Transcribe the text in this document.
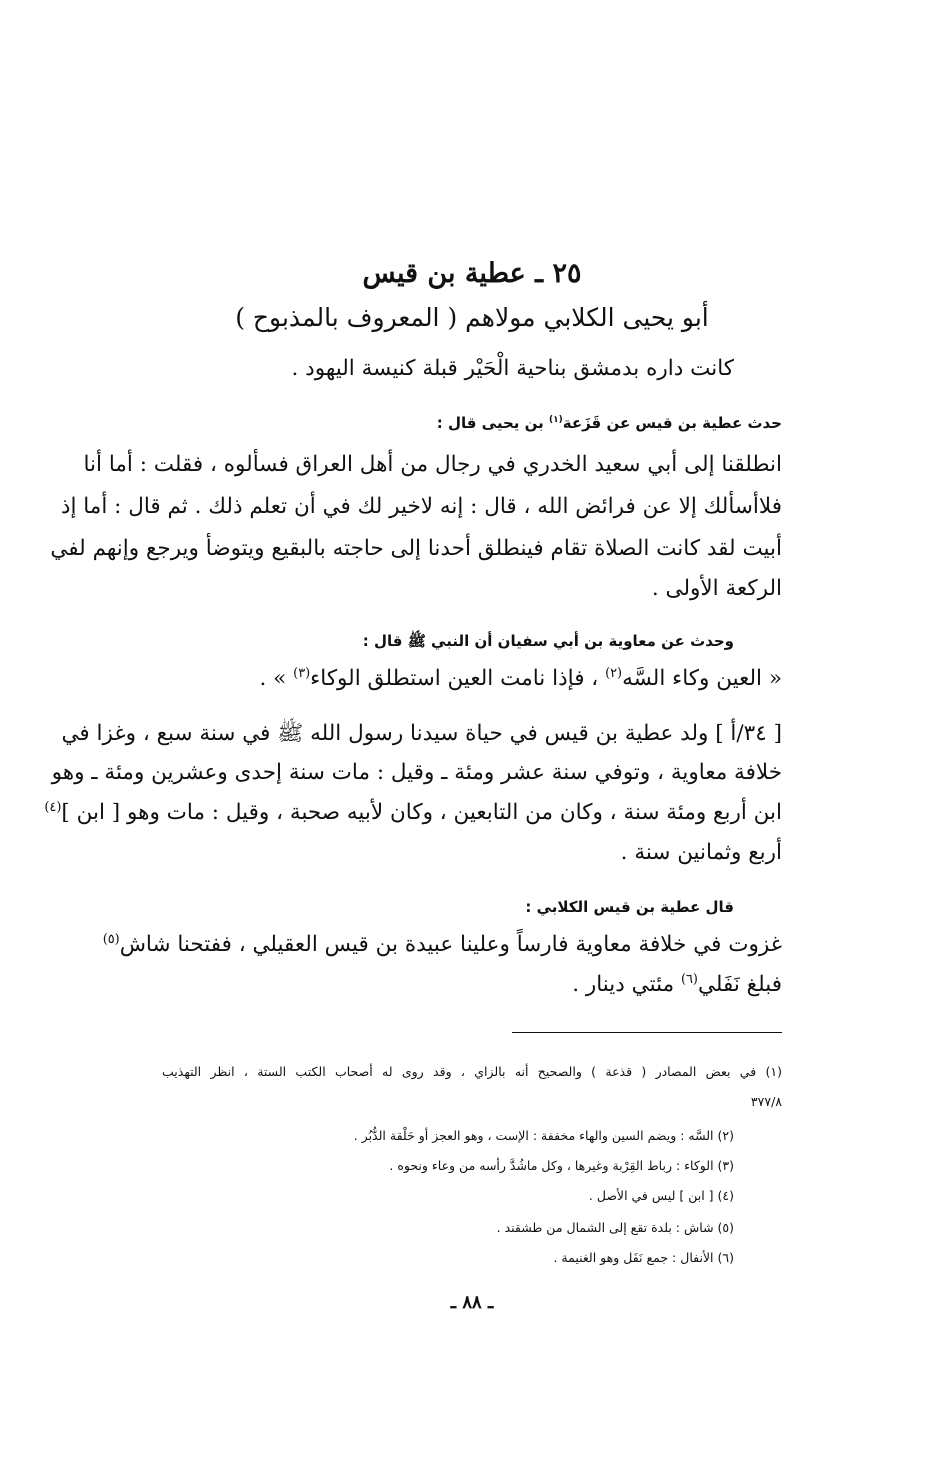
٢٥ ـ عطية بن قيس
أبو يحيى الكلابي مولاهم ( المعروف بالمذبوح )
كانت داره بدمشق بناحية الْحَيْر قبلة كنيسة اليهود .
حدث عطية بن قيس عن قَزَعة$^{(١)}$ بن يحيى قال :
انطلقنا إلى أبي سعيد الخدري في رجال من أهل العراق فسألوه ، فقلت : أما أنا
فلاأسألك إلا عن فرائض الله ، قال : إنه لاخير لك في أن تعلم ذلك . ثم قال : أما إذ
أبيت لقد كانت الصلاة تقام فينطلق أحدنا إلى حاجته بالبقيع ويتوضأ ويرجع وإنهم لفي
الركعة الأولى .
وحدث عن معاوية بن أبي سفيان أن النبي ﷺ قال :
« العين وكاء السَّه$^{(٢)}$ ، فإذا نامت العين استطلق الوكاء$^{(٣)}$ » .
[ ٣٤/أ ] ولد عطية بن قيس في حياة سيدنا رسول الله ﷺ في سنة سبع ، وغزا في
خلافة معاوية ، وتوفي سنة عشر ومئة ـ وقيل : مات سنة إحدى وعشرين ومئة ـ وهو
ابن أربع ومئة سنة ، وكان من التابعين ، وكان لأبيه صحبة ، وقيل : مات وهو [ ابن ]$^{(٤)}$
أربع وثمانين سنة .
قال عطية بن قيس الكلابي :
غزوت في خلافة معاوية فارساً وعلينا عبيدة بن قيس العقيلي ، ففتحنا شاش$^{(٥)}$
فبلغ نَفَلي$^{(٦)}$ مئتي دينار .
(١) في بعض المصادر ( قذعة ) والصحيح أنه بالزاي ، وقد روى له أصحاب الكتب الستة ، انظر التهذيب
٣٧٧/٨
(٢) السَّه : ويضم السين والهاء مخففة : الإست ، وهو العجز أو حَلْقة الدُّبُر .
(٣) الوكاء : رباط القِرْبة وغيرها ، وكل ماشُدَّ رأسه من وعاء ونحوه .
(٤) [ ابن ] ليس في الأصل .
(٥) شاش : بلدة تقع إلى الشمال من طشقند .
(٦) الأنفال : جمع نَفَل وهو الغنيمة .
ـ ٨٨ ـ
